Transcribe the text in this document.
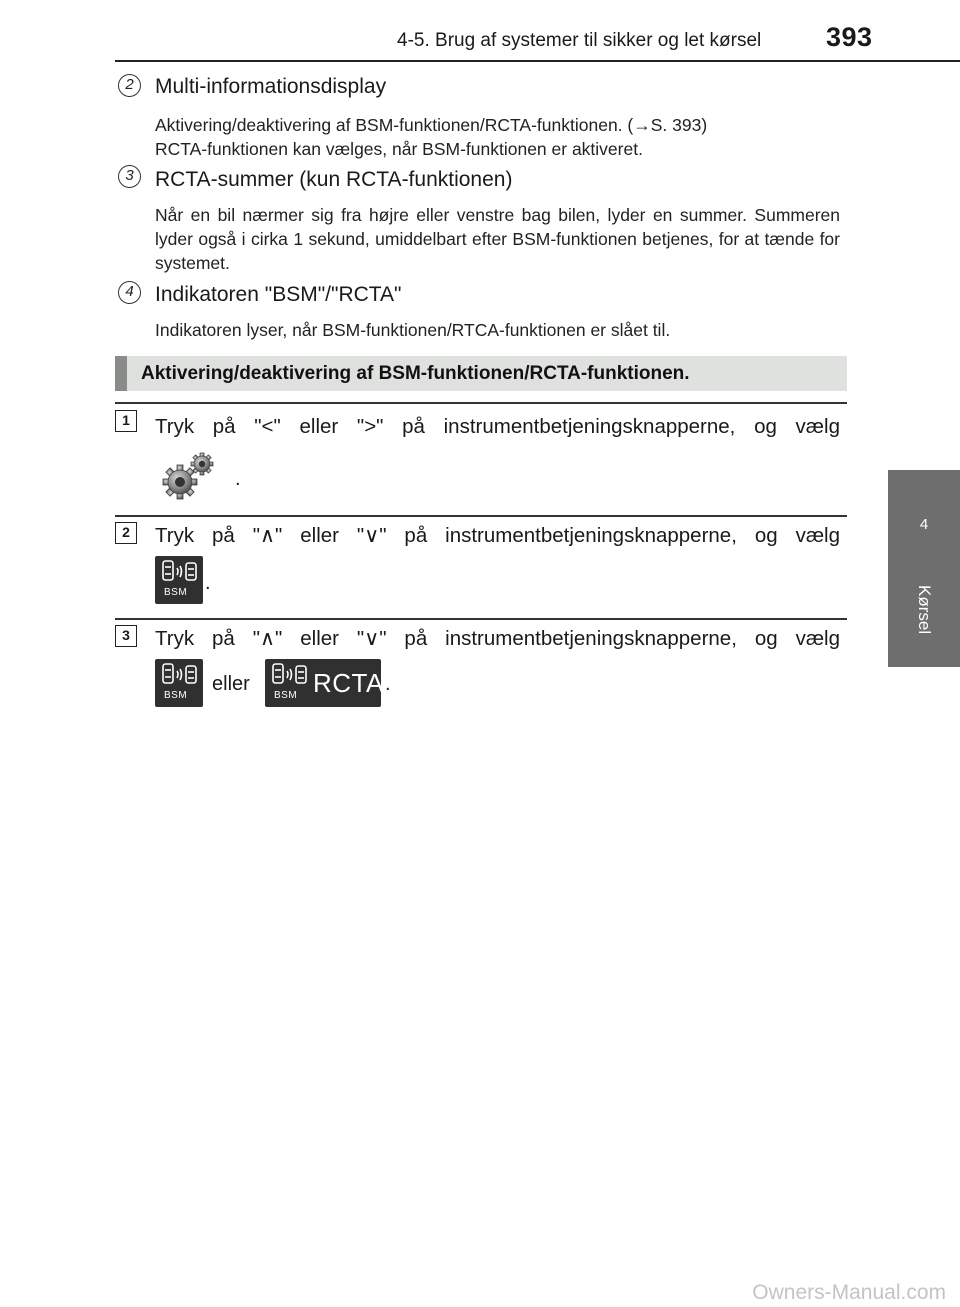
4-5. Brug af systemer til sikker og let kørsel 393
4
Kørsel
2	Multi-informationsdisplay
Aktivering/deaktivering af BSM-funktionen/RCTA-funktionen. (→S. 393)
RCTA-funktionen kan vælges, når BSM-funktionen er aktiveret.
3	RCTA-summer (kun RCTA-funktionen)
Når en bil nærmer sig fra højre eller venstre bag bilen, lyder en summer. Summeren lyder også i cirka 1 sekund, umiddelbart efter BSM-funktionen betjenes, for at tænde for systemet.
4	Indikatoren "BSM"/"RCTA"
Indikatoren lyser, når BSM-funktionen/RTCA-funktionen er slået til.
Aktivering/deaktivering af BSM-funktionen/RCTA-funktionen.
1	Tryk på "<" eller ">" på instrumentbetjeningsknapperne, og vælg
.
2	Tryk på "∧" eller "∨" på instrumentbetjeningsknapperne, og vælg
BSM .
3	Tryk på "∧" eller "∨" på instrumentbetjeningsknapperne, og vælg
BSM
eller
BSM RCTA .
Owners-Manual.com
